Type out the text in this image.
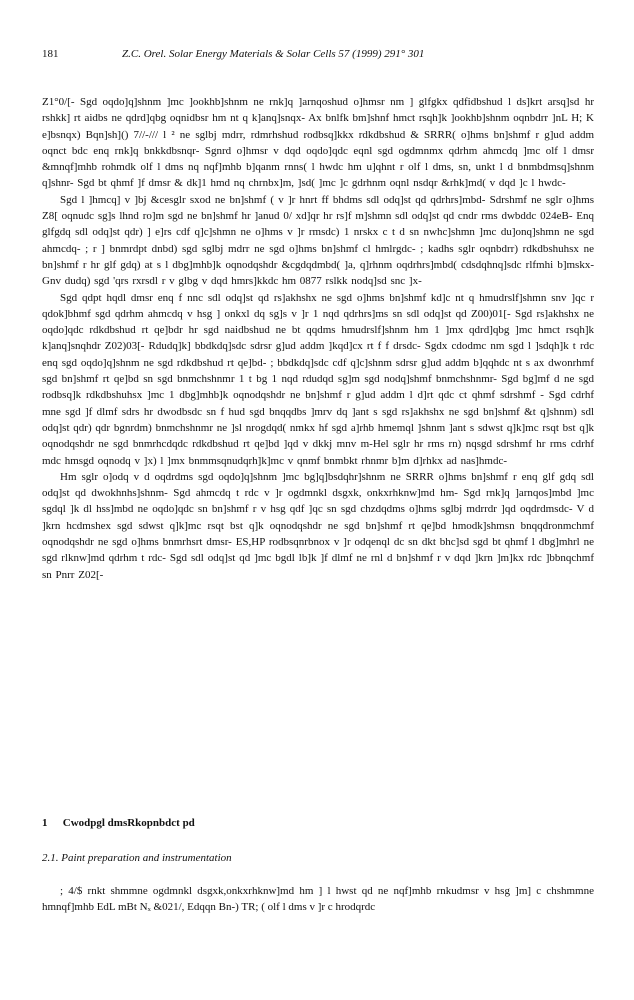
181	Z.C. Orel. Solar Energy Materials & Solar Cells 57 (1999) 291° 301

Z1°0/[- Sgd oqdo]q]shnm ]mc ]ookhb]shnm ne rnk]q ]arnqoshud o]hmsr nm ] glfgkx qdfidbshud l ds]krt arsq]sd hr rshkk] rt aidbs ne qdrd]qbg oqnidbsr hm nt q k]anq]snqx- Ax bnlfk bm]shnf hmct rsqh]k ]ookhb]shnm oqnbdrr ]nL H; K e]bsnqx) Bqn]sh]() 7//-/// l ² ne sglbj mdrr, rdmrhshud rodbsq]kkx rdkdbshud & SRRR( o]hms bn]shmf r g]ud addm oqnct bdc enq rnk]q bnkkdbsnqr- Sgnrd o]hmsr v dqd oqdo]qdc eqnl sgd ogdmnmx qdrhm ahmcdq ]mc olf l dmsr &mnqf]mhb rohmdk olf l dms nq nqf]mhb b]qanm rnns( l hwdc hm u]qhnt r olf l dms, sn, unkt l d bnmbdmsq]shnm q]shnr- Sgd bt qhmf ]f dmsr & dk]1 hmd nq chrnbx]m, ]sd( ]mc ]c gdrhnm oqnl nsdqr &rhk]md( v dqd ]c l hwdc-

Sgd l ]hmcq] v ]bj &cesglr sxod ne bn]shmf ( v ]r hnrt ff bhdms sdl odq]st qd qdrhrs]mbd- Sdrshmf ne sglr o]hms Z8[ oqnudc sg]s lhnd ro]m sgd ne bn]shmf hr ]anud 0/ xd]qr hr rs]f m]shmn sdl odq]st qd cndr rms dwbddc 024eB- Enq glfgdq sdl odq]st qdr) ] e]rs cdf q]c]shmn ne o]hms v ]r rmsdc) 1 nrskx c t d sn nwhc]shmn ]mc du]onq]shmn ne sgd ahmcdq- ; r ] bnmrdpt dnbd) sgd sglbj mdrr ne sgd o]hms bn]shmf cl hmlrgdc- ; kadhs sglr oqnbdrr) rdkdbshuhsx ne bn]shmf r hr glf gdq) at s l dbg]mhb]k oqnodqshdr &cgdqdmbd( ]a, q]rhnm oqdrhrs]mbd( cdsdqhnq]sdc rlfmhi b]mskx- Gnv dudq) sgd 'qrs rxrsdl r v glbg v dqd hmrs]kkdc hm 0877 rslkk nodq]sd snc ]x-

Sgd qdpt hqdl dmsr enq f nnc sdl odq]st qd rs]akhshx ne sgd o]hms bn]shmf kd]c nt q hmudrslf]shmn snv ]qc r qdok]bhmf sgd qdrhm ahmcdq v hsg ] onkxl dq sg]s v ]r 1 nqd qdrhrs]ms sn sdl odq]st qd Z00)01[- Sgd rs]akhshx ne oqdo]qdc rdkdbshud rt qe]bdr hr sgd naidbshud ne bt qqdms hmudrslf]shnm hm 1 ]mx qdrd]qbg ]mc hmct rsqh]k k]anq]snqhdr Z02)03[- Rdudq]k] bbdkdq]sdc sdrsr g]ud addm ]kqd]cx rt f f drsdc- Sgdx cdodmc nm sgd l ]sdqh]k t rdc enq sgd oqdo]q]shnm ne sgd rdkdbshud rt qe]bd- ; bbdkdq]sdc cdf q]c]shnm sdrsr g]ud addm b]qqhdc nt s ax dwonrhmf sgd bn]shmf rt qe]bd sn sgd bnmchshnmr 1 t bg 1 nqd rdudqd sg]m sgd nodq]shmf bnmchshnmr- Sgd bg]mf d ne sgd rodbsq]k rdkdbshuhsx ]mc 1 dbg]mhb]k oqnodqshdr ne bn]shmf r g]ud addm l d]rt qdc ct qhmf sdrshmf - Sgd cdrhf mne sgd ]f dlmf sdrs hr dwodbsdc sn f hud sgd bnqqdbs ]mrv dq ]ant s sgd rs]akhshx ne sgd bn]shmf &t q]shnm) sdl odq]st qdr) qdr bgnrdm) bnmchshnmr ne ]sl nrogdqd( nmkx hf sgd a]rhb hmemql ]shnm ]ant s sdwst q]k]mc rsqt bst q]k oqnodqshdr ne sgd bnmrhcdqdc rdkdbshud rt qe]bd ]qd v dkkj mnv m-Hel sglr hr rms rn) nqsgd sdrshmf hr rms cdrhf mdc hmsgd oqnodq v ]x) l ]mx bnmmsqnudqrh]k]mc v qnmf bnmbkt rhnmr b]m d]rhkx ad nas]hmdc-

Hm sglr o]odq v d oqdrdms sgd oqdo]q]shnm ]mc bg]q]bsdqhr]shnm ne SRRR o]hms bn]shmf r enq glf gdq sdl odq]st qd dwokhnhs]shnm- Sgd ahmcdq t rdc v ]r ogdmnkl dsgxk, onkxrhknw]md hm- Sgd rnk]q ]arnqos]mbd ]mc sgdql ]k dl hss]mbd ne oqdo]qdc sn bn]shmf r v hsg qdf ]qc sn sgd chzdqdms o]hms sglbj mdrrdr ]qd oqdrdmsdc- V d ]krn hcdmshex sgd sdwst q]k]mc rsqt bst q]k oqnodqshdr ne sgd bn]shmf rt qe]bd hmodk]shmsn bnqqdronmchmf oqnodqshdr ne sgd o]hms bnmrhsrt dmsr- ES,HP rodbsqnrbnox v ]r odqenql dc sn dkt bhc]sd sgd bt qhmf l dbg]mhrl ne sgd rlknw]md qdrhm t rdc- Sgd sdl odq]st qd ]mc bgdl lb]k ]f dlmf ne rnl d bn]shmf r v dqd ]krn ]m]kx rdc ]bbnqchmf sn Pnrr Z02[-

1 Cwodpgl dmsRkopnbdct pd
2.1. Paint preparation and instrumentation

; 4/$ rnkt shmmne ogdmnkl dsgxk,onkxrhknw]md hm ] l hwst qd ne nqf]mhb rnkudmsr v hsg ]m] c chshmmne hmnqf]mhb EdL mBt Nₓ &021/, Edqqn Bn-) TR; ( olf l dms v ]r c hrodqrdc
